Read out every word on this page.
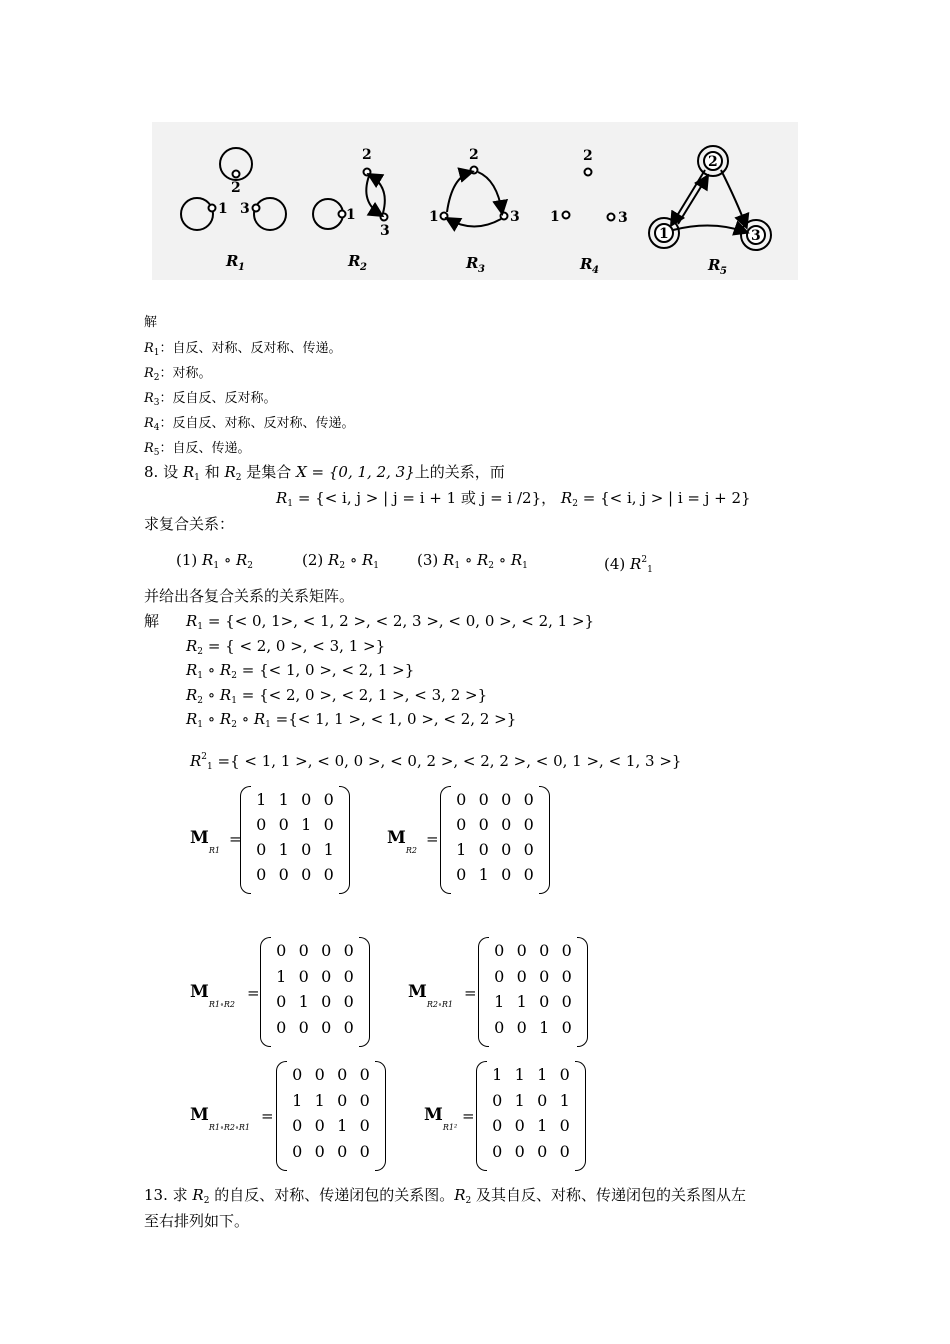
2
1 3	1
2
3
2
1	3
2
1	3
2
1	3
R 1	R 2	R 3	R 4	R 5
解
$R_1$：自反、对称、反对称、传递。
$R_2$：对称。
$R_3$：反自反、反对称。
$R_4$：反自反、对称、反对称、传递。
$R_5$：自反、传递。
8. 设 $R_1$ 和 $R_2$ 是集合 X = {0, 1, 2, 3}上的关系，而
$R_1$ = {< i, j > | j = i + 1 或 j = i /2}， $R_2$ = {< i, j > | i = j + 2}
求复合关系：
(1) $R_1$ ∘ $R_2$	(2) $R_2$ ∘ $R_1$	(3) $R_1$ ∘ $R_2$ ∘ $R_1$	(4) $R^2_1$
并给出各复合关系的关系矩阵。
解 $R_1$ = {< 0, 1>, < 1, 2 >, < 2, 3 >, < 0, 0 >, < 2, 1 >}
$R_2$ = { < 2, 0 >, < 3, 1 >}
$R_1$ ∘ $R_2$ = {< 1, 0 >, < 2, 1 >}
$R_2$ ∘ $R_1$ = {< 2, 0 >, < 2, 1 >, < 3, 2 >}
$R_1$ ∘ $R_2$ ∘ $R_1$ ={< 1, 1 >, < 1, 0 >, < 2, 2 >}
$R^2_1$ ={ < 1, 1 >, < 0, 0 >, < 0, 2 >, < 2, 2 >, < 0, 1 >, < 1, 3 >}
$M_{R1}$
=
1 1 0 0
0 0 1 0
0 1 0 1
0 0 0 0
$M_{R2}$
=
0 0 0 0
0 0 0 0
1 0 0 0
0 1 0 0
$M_{R1\circ R2}$
=
0 0 0 0
1 0 0 0
0 1 0 0
0 0 0 0
$M_{R2\circ R1}$
=
0 0 0 0
0 0 0 0
1 1 0 0
0 0 1 0
$M_{R1\circ R2\circ R1}$
=
0 0 0 0
1 1 0 0
0 0 1 0
0 0 0 0
$M_{R1^2}$
=
1 1 1 0
0 1 0 1
0 0 1 0
0 0 0 0
13. 求 $R_2$ 的自反、对称、传递闭包的关系图。$R_2$ 及其自反、对称、传递闭包的关系图从左
至右排列如下。
